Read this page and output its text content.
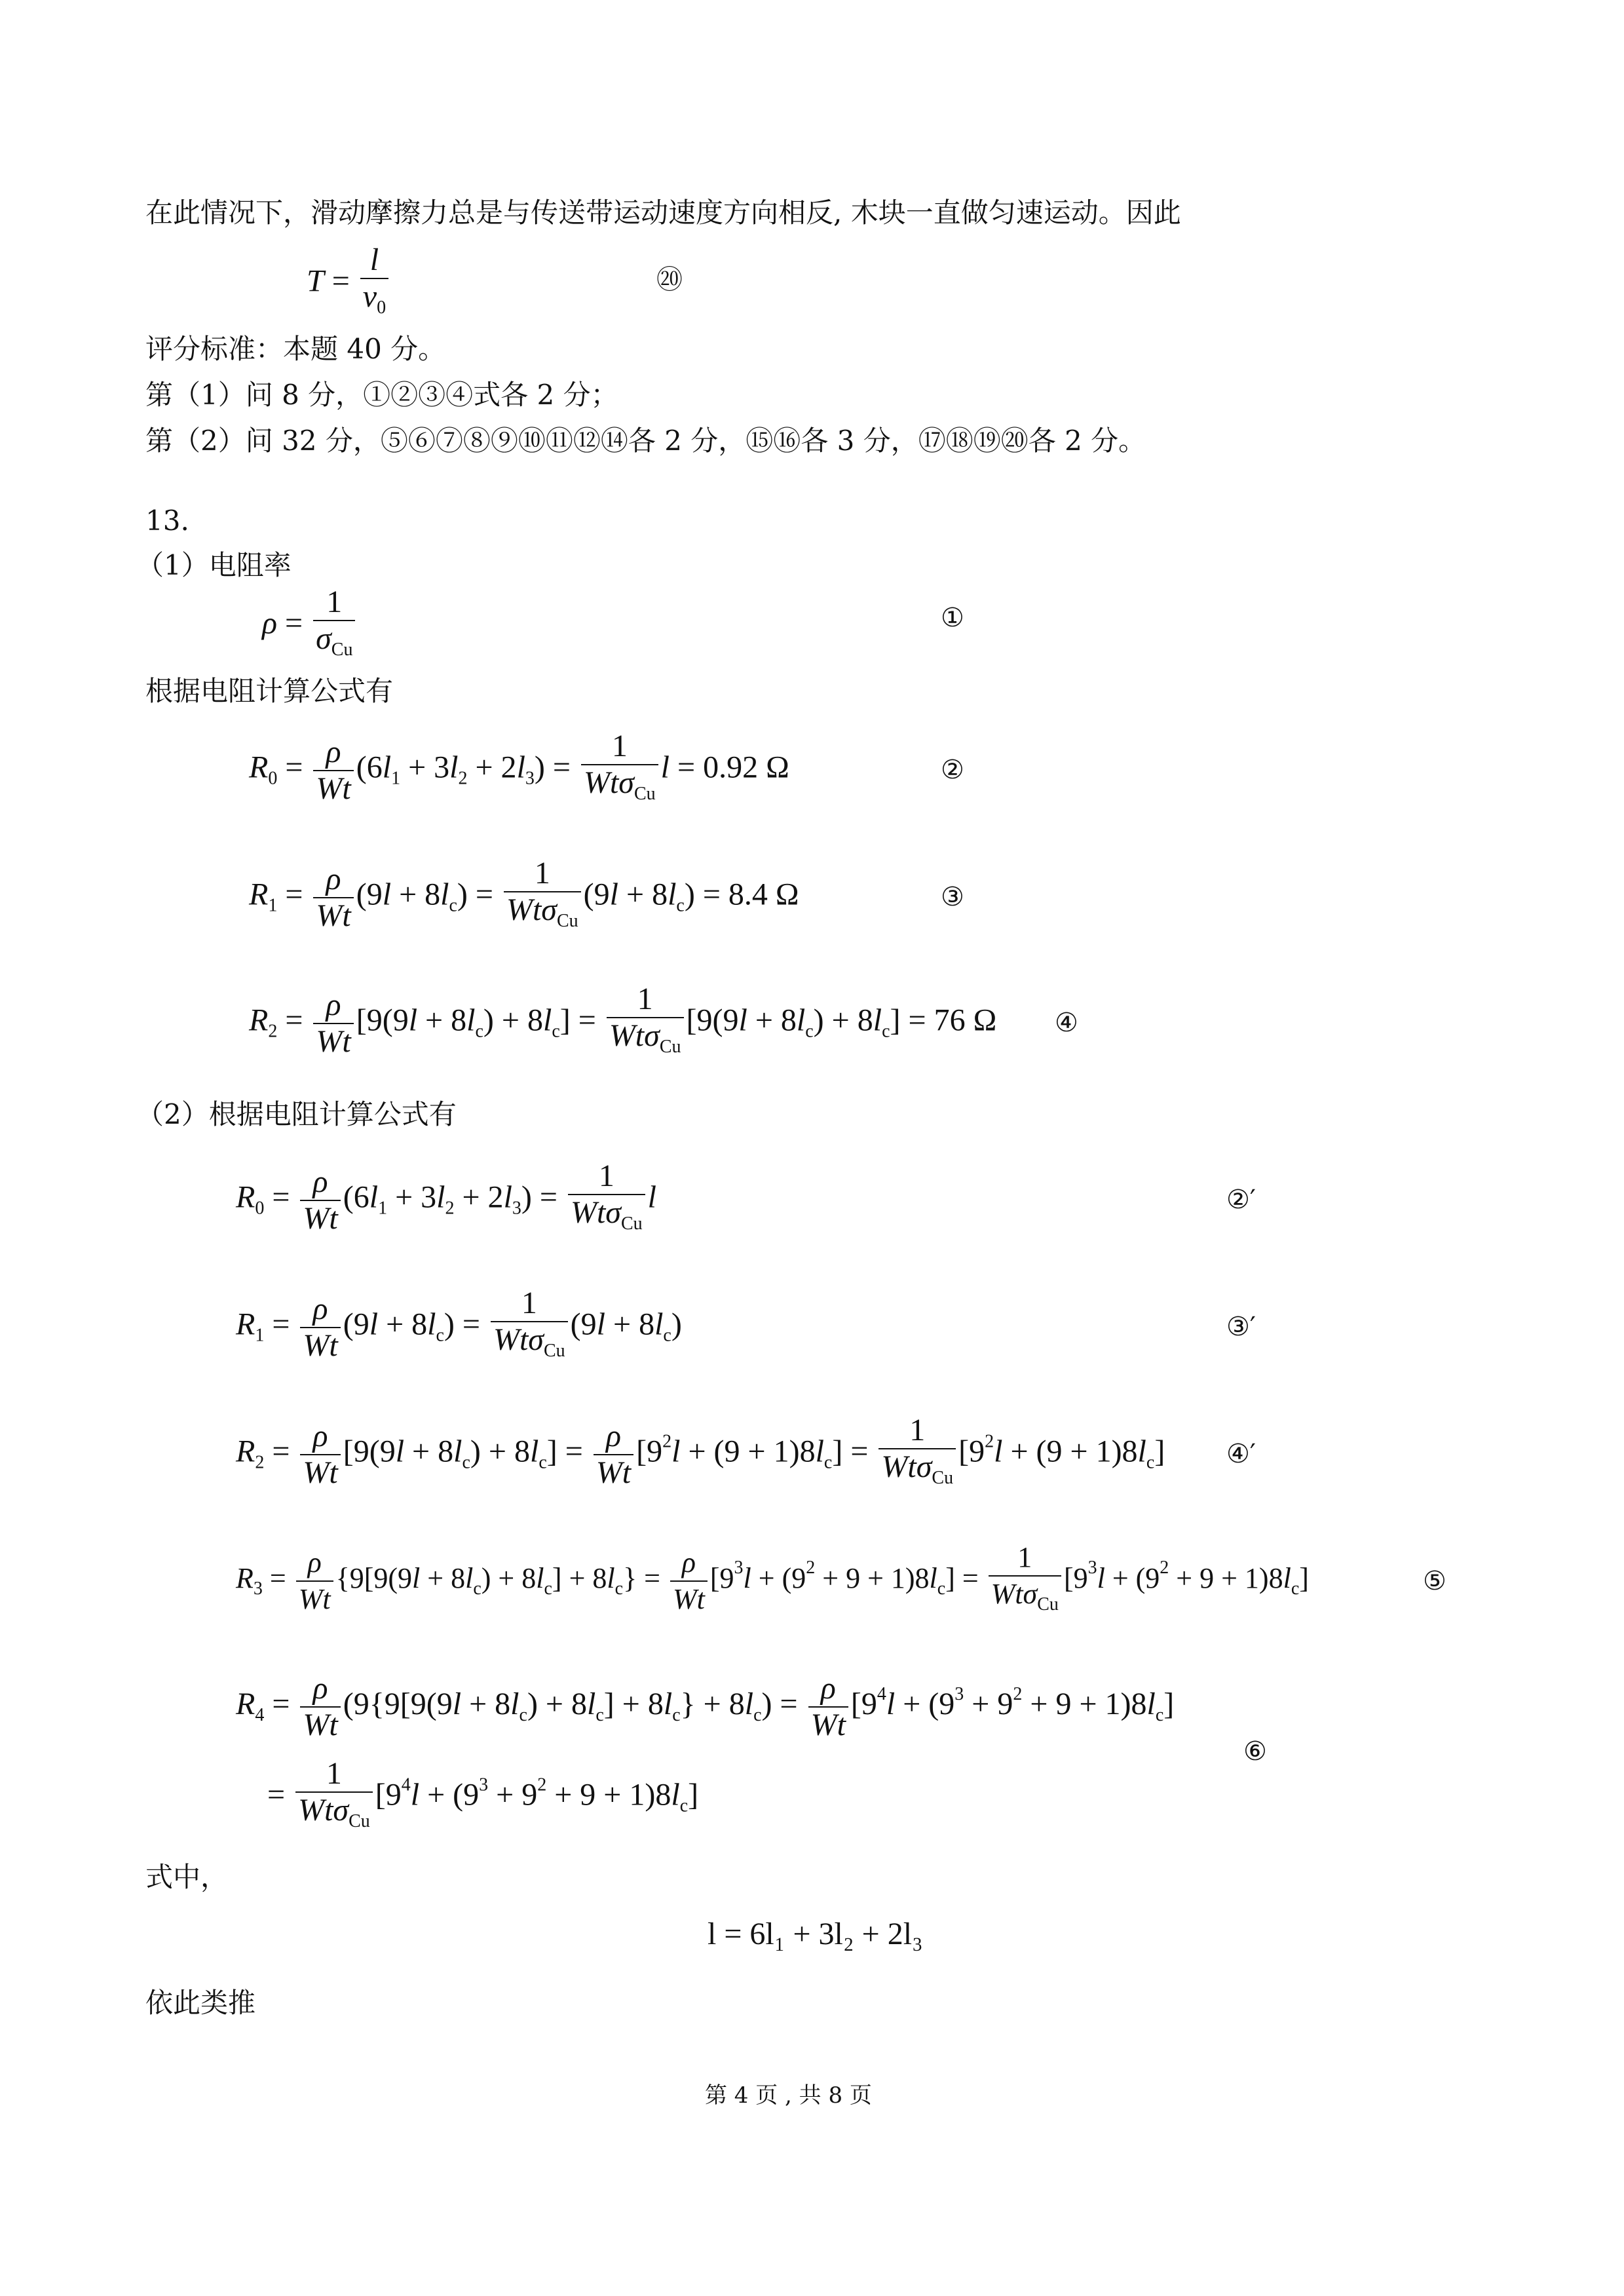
在此情况下，滑动摩擦力总是与传送带运动速度方向相反, 木块一直做匀速运动。因此
$T = \frac{l}{v_0}$	⑳
评分标准：本题 40 分。
第（1）问 8 分，①②③④式各 2 分；
第（2）问 32 分，⑤⑥⑦⑧⑨⑩⑪⑫⑭各 2 分，⑮⑯各 3 分，⑰⑱⑲⑳各 2 分。
13.
（1）电阻率
$\rho = \frac{1}{\sigma_{Cu}}$	①
根据电阻计算公式有
$R_0 = \frac{\rho}{Wt} (6l_1 + 3l_2 + 2l_3) = \frac{1}{Wt\sigma_{Cu}}$ l = 0.92 Ω	②
$R_1 = \frac{\rho}{Wt} (9l + 8l_c) = \frac{1}{Wt\sigma_{Cu}} (9l + 8l_c) = 8.4$ Ω	③
$R_2 = \frac{\rho}{Wt} [9(9l + 8l_c) + 8l_c] = \frac{1}{Wt\sigma_{Cu}} [9(9l + 8l_c) + 8l_c] = 76$ Ω ④
（2）根据电阻计算公式有
$R_0 = \frac{\rho}{Wt} (6l_1 + 3l_2 + 2l_3) = \frac{1}{Wt\sigma_{Cu}}$ l	②′
$R_1 = \frac{\rho}{Wt} (9l + 8l_c) = \frac{1}{Wt\sigma_{Cu}} (9l + 8l_c)$	③′
$R_2 = \frac{\rho}{Wt} [9(9l + 8l_c) + 8l_c] = \frac{\rho}{Wt} [9^2l + (9 + 1)8l_c] = \frac{1}{Wt\sigma_{Cu}} [9^2l + (9 + 1)8l_c]$ ④′
$R_3 = \frac{\rho}{Wt} \{9[9(9l + 8l_c) + 8l_c] + 8l_c\} = \frac{\rho}{Wt} [9^3l + (9^2 + 9 + 1)8l_c] = \frac{1}{Wt\sigma_{Cu}} [9^3l + (9^2 + 9 + 1)8l_c]$	⑤
$R_4 = \frac{\rho}{Wt} (9\{9[9(9l + 8l_c) + 8l_c] + 8l_c\} + 8l_c) = \frac{\rho}{Wt} [9^4l + (9^3 + 9^2 + 9 + 1)8l_c]$
= $\frac{1}{Wt\sigma_{Cu}} [9^4l + (9^3 + 9^2 + 9 + 1)8l_c]$
⑥
式中，
l = 6l₁ + 3l₂ + 2l₃
依此类推
第 4 页 , 共 8 页
